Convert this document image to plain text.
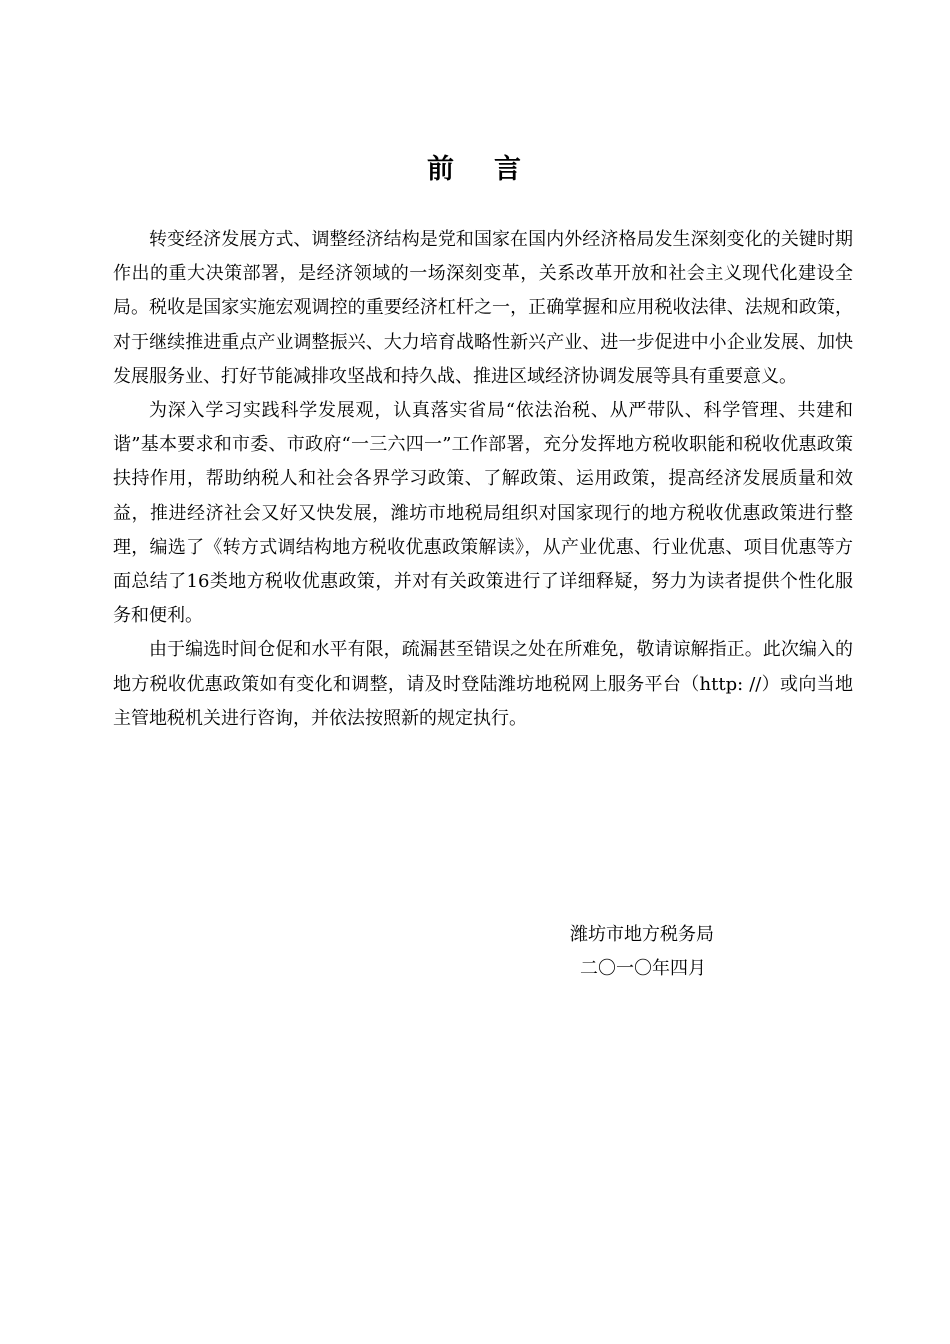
前 言

转变经济发展方式、调整经济结构是党和国家在国内外经济格局发生深刻变化的关键时期作出的重大决策部署，是经济领域的一场深刻变革，关系改革开放和社会主义现代化建设全局。税收是国家实施宏观调控的重要经济杠杆之一，正确掌握和应用税收法律、法规和政策，对于继续推进重点产业调整振兴、大力培育战略性新兴产业、进一步促进中小企业发展、加快发展服务业、打好节能减排攻坚战和持久战、推进区域经济协调发展等具有重要意义。

为深入学习实践科学发展观，认真落实省局“依法治税、从严带队、科学管理、共建和谐”基本要求和市委、市政府“一三六四一”工作部署，充分发挥地方税收职能和税收优惠政策扶持作用，帮助纳税人和社会各界学习政策、了解政策、运用政策，提高经济发展质量和效益，推进经济社会又好又快发展，潍坊市地税局组织对国家现行的地方税收优惠政策进行整理，编选了《转方式调结构地方税收优惠政策解读》，从产业优惠、行业优惠、项目优惠等方面总结了16类地方税收优惠政策，并对有关政策进行了详细释疑，努力为读者提供个性化服务和便利。

由于编选时间仓促和水平有限，疏漏甚至错误之处在所难免，敬请谅解指正。此次编入的地方税收优惠政策如有变化和调整，请及时登陆潍坊地税网上服务平台（http: //）或向当地主管地税机关进行咨询，并依法按照新的规定执行。

潍坊市地方税务局
二〇一〇年四月
